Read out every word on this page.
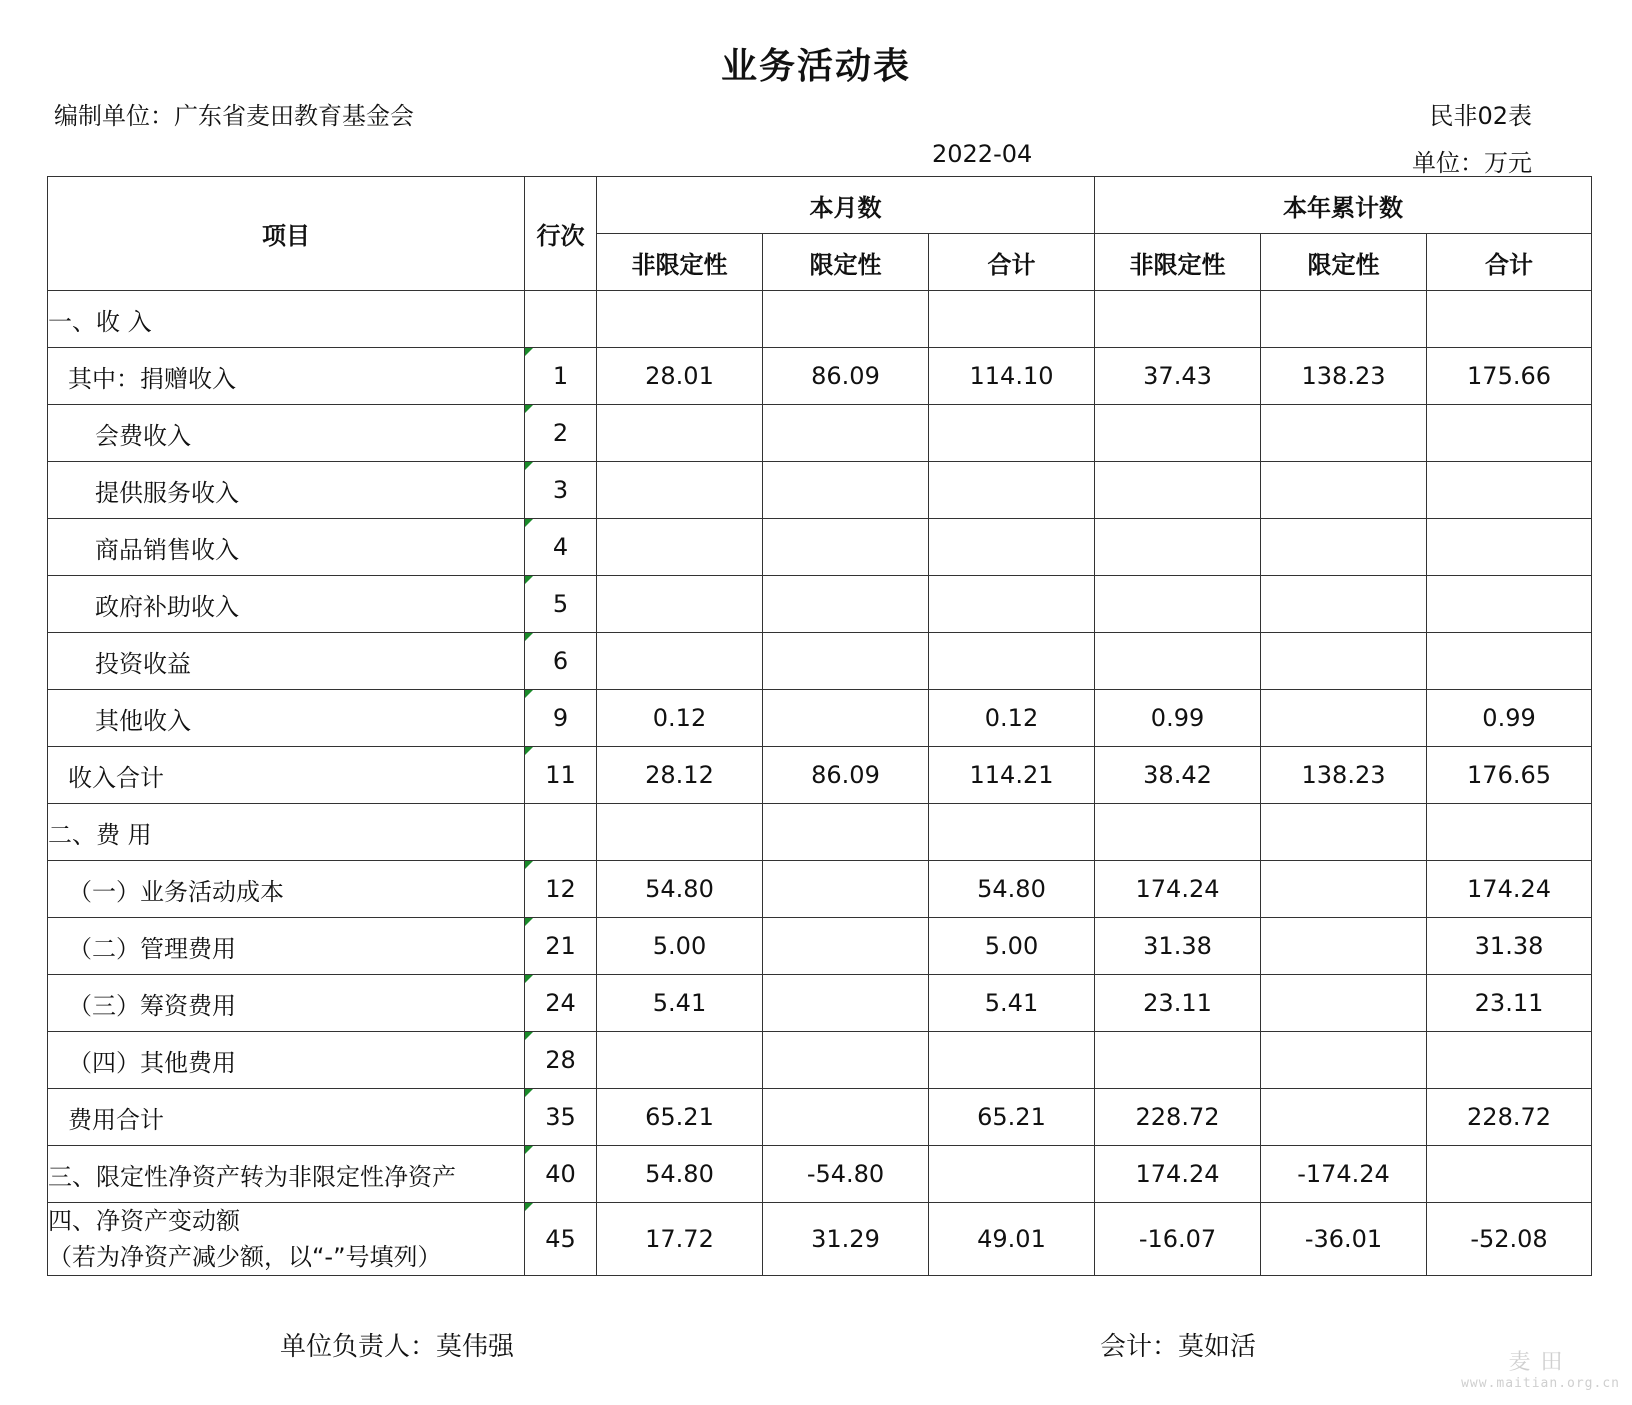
业务活动表
编制单位：广东省麦田教育基金会	民非02表
2022-04	单位：万元
项目	行次	本月数			本年累计数		
		非限定性	限定性	合计	非限定性	限定性	合计
一、收 入							
其中：捐赠收入	1	28.01	86.09	114.10	37.43	138.23	175.66
会费收入	2						
提供服务收入	3						
商品销售收入	4						
政府补助收入	5						
投资收益	6						
其他收入	9	0.12		0.12	0.99		0.99
收入合计	11	28.12	86.09	114.21	38.42	138.23	176.65
二、费 用							
（一）业务活动成本	12	54.80		54.80	174.24		174.24
（二）管理费用	21	5.00		5.00	31.38		31.38
（三）筹资费用	24	5.41		5.41	23.11		23.11
（四）其他费用	28						
费用合计	35	65.21		65.21	228.72		228.72
三、限定性净资产转为非限定性净资产	40	54.80	-54.80		174.24	-174.24	

四、净资产变动额
（若为净资产减少额，以“-”号填列）	45	17.72	31.29	49.01	-16.07	-36.01	-52.08
单位负责人：莫伟强	会计：莫如活
麦田
www.maitian.org.cn
